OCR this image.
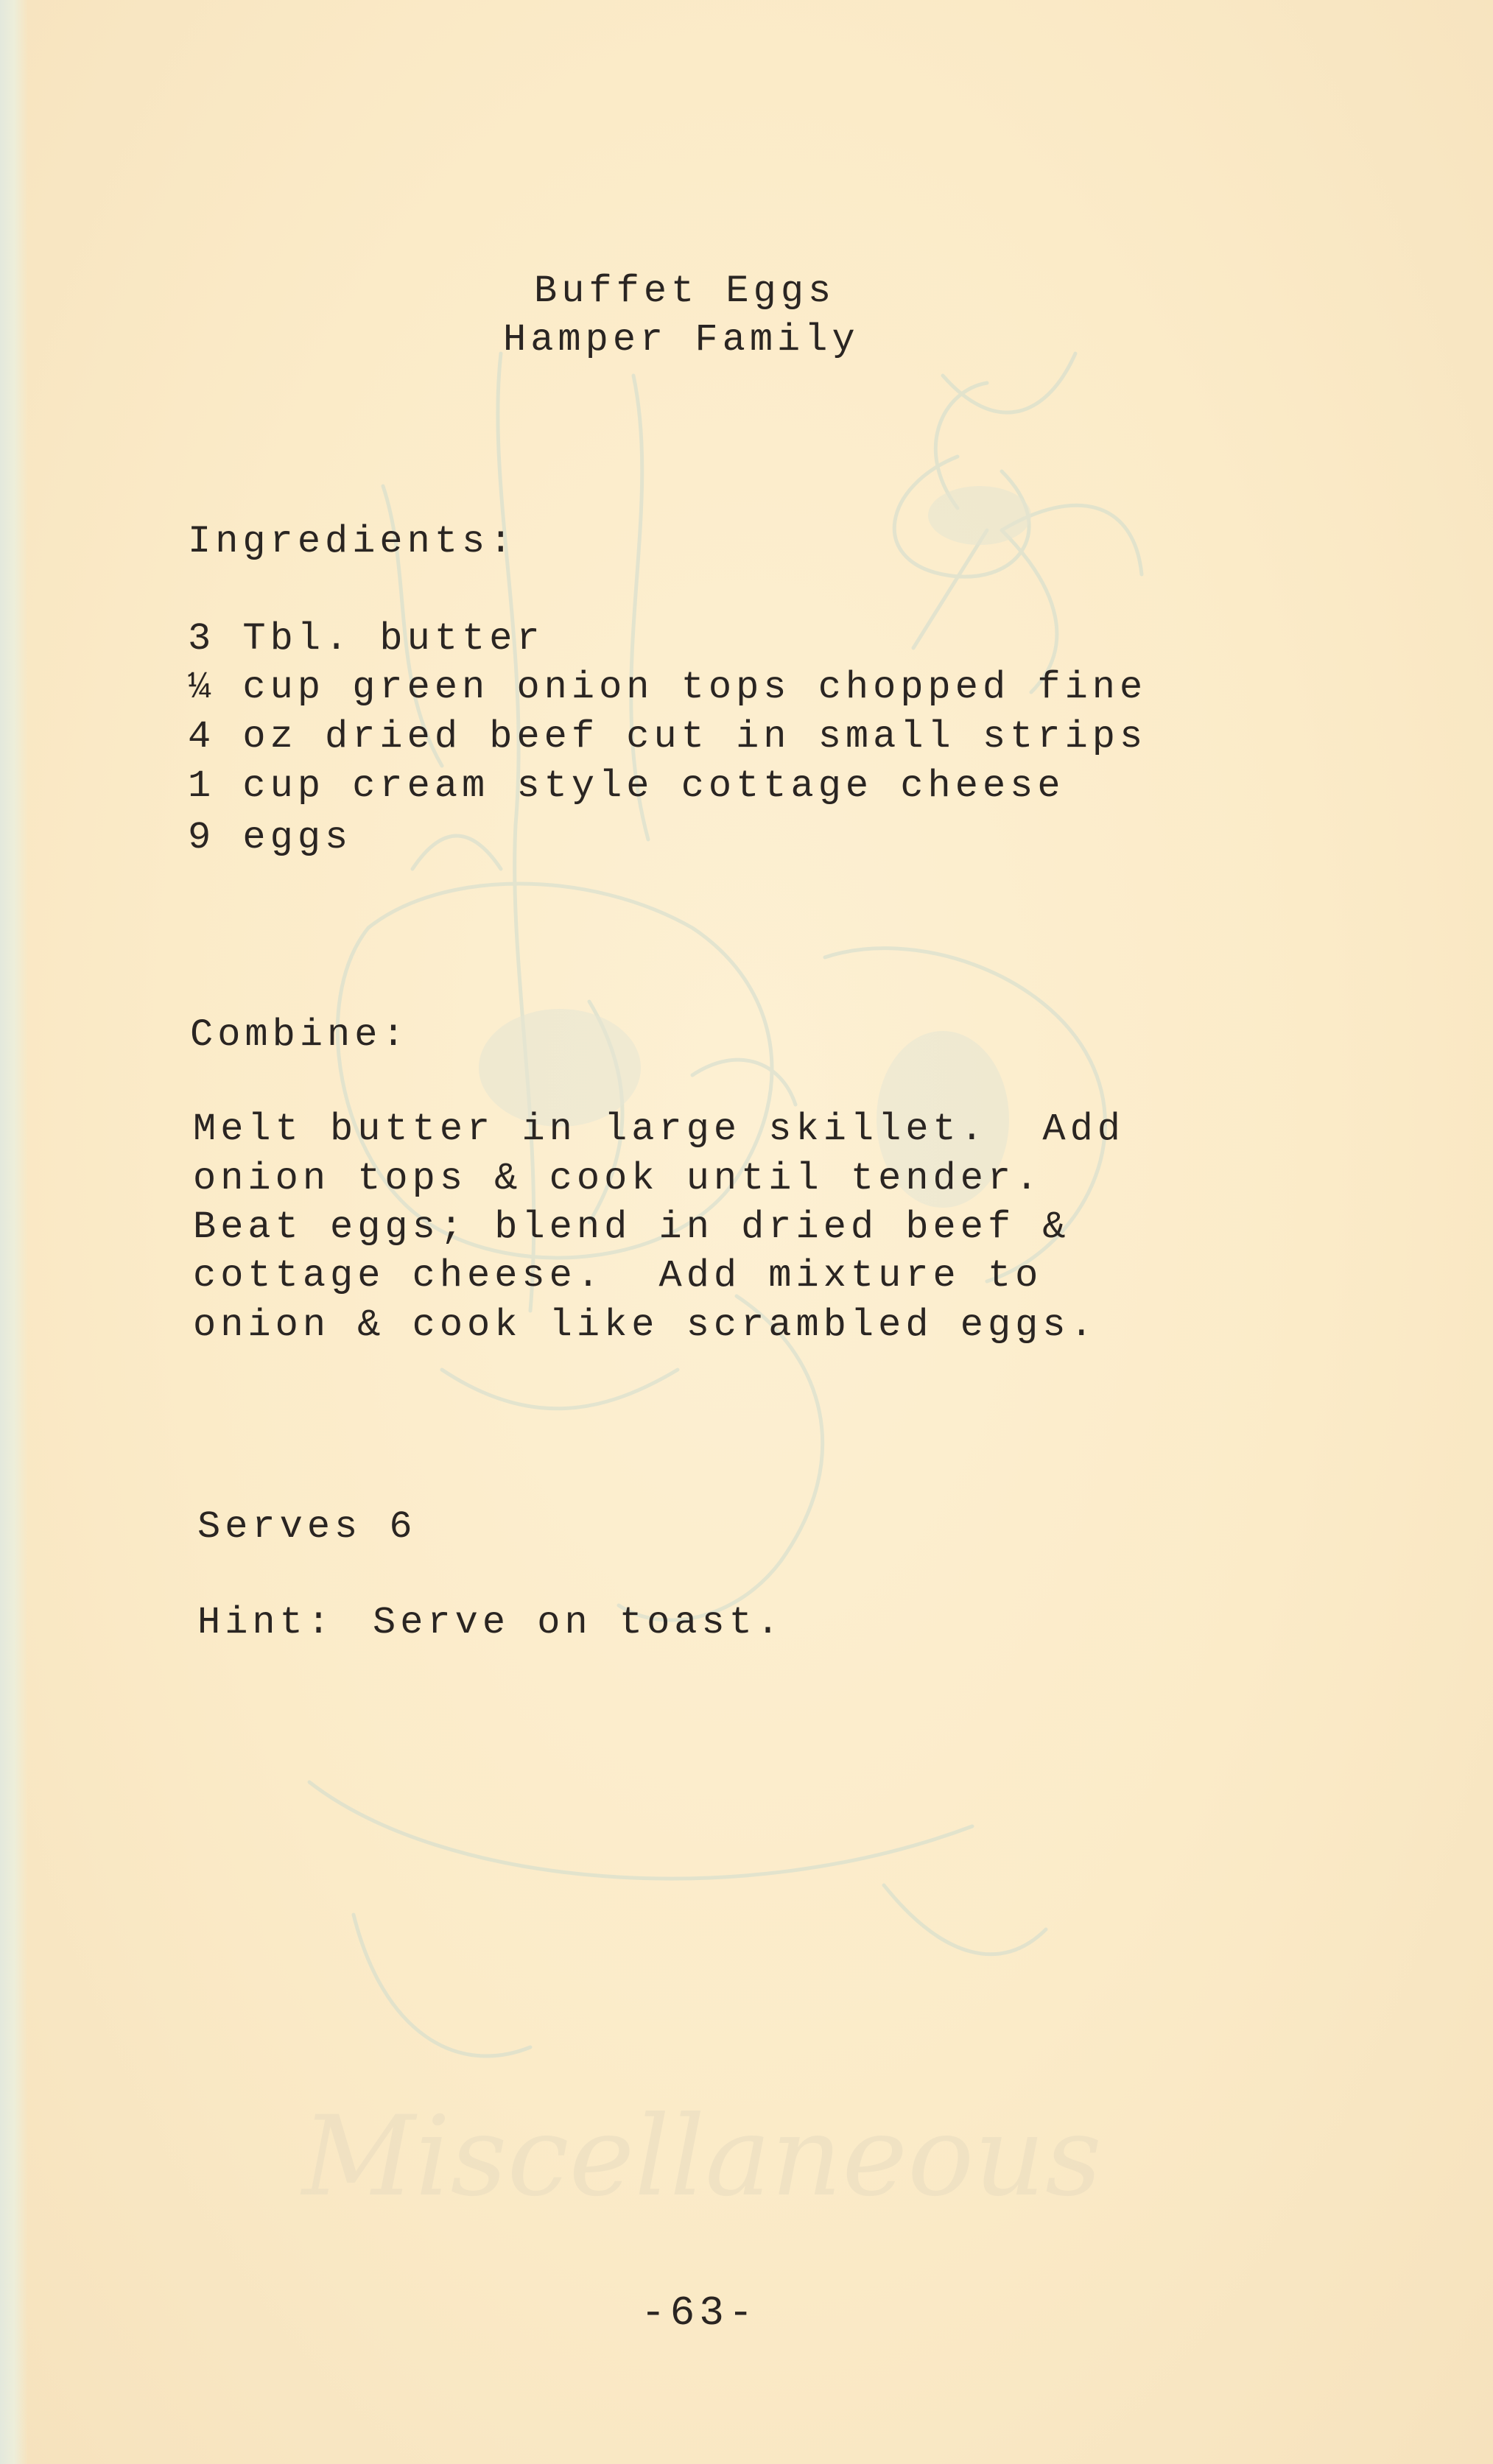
Miscellaneous
Buffet Eggs
Hamper Family
Ingredients:
3 Tbl. butter
¼ cup green onion tops chopped fine
4 oz dried beef cut in small strips
1 cup cream style cottage cheese
9 eggs
Combine:
Melt butter in large skillet.  Add
onion tops & cook until tender.
Beat eggs; blend in dried beef &
cottage cheese.  Add mixture to
onion & cook like scrambled eggs.
Serves 6
Hint: Serve on toast.
-63-
